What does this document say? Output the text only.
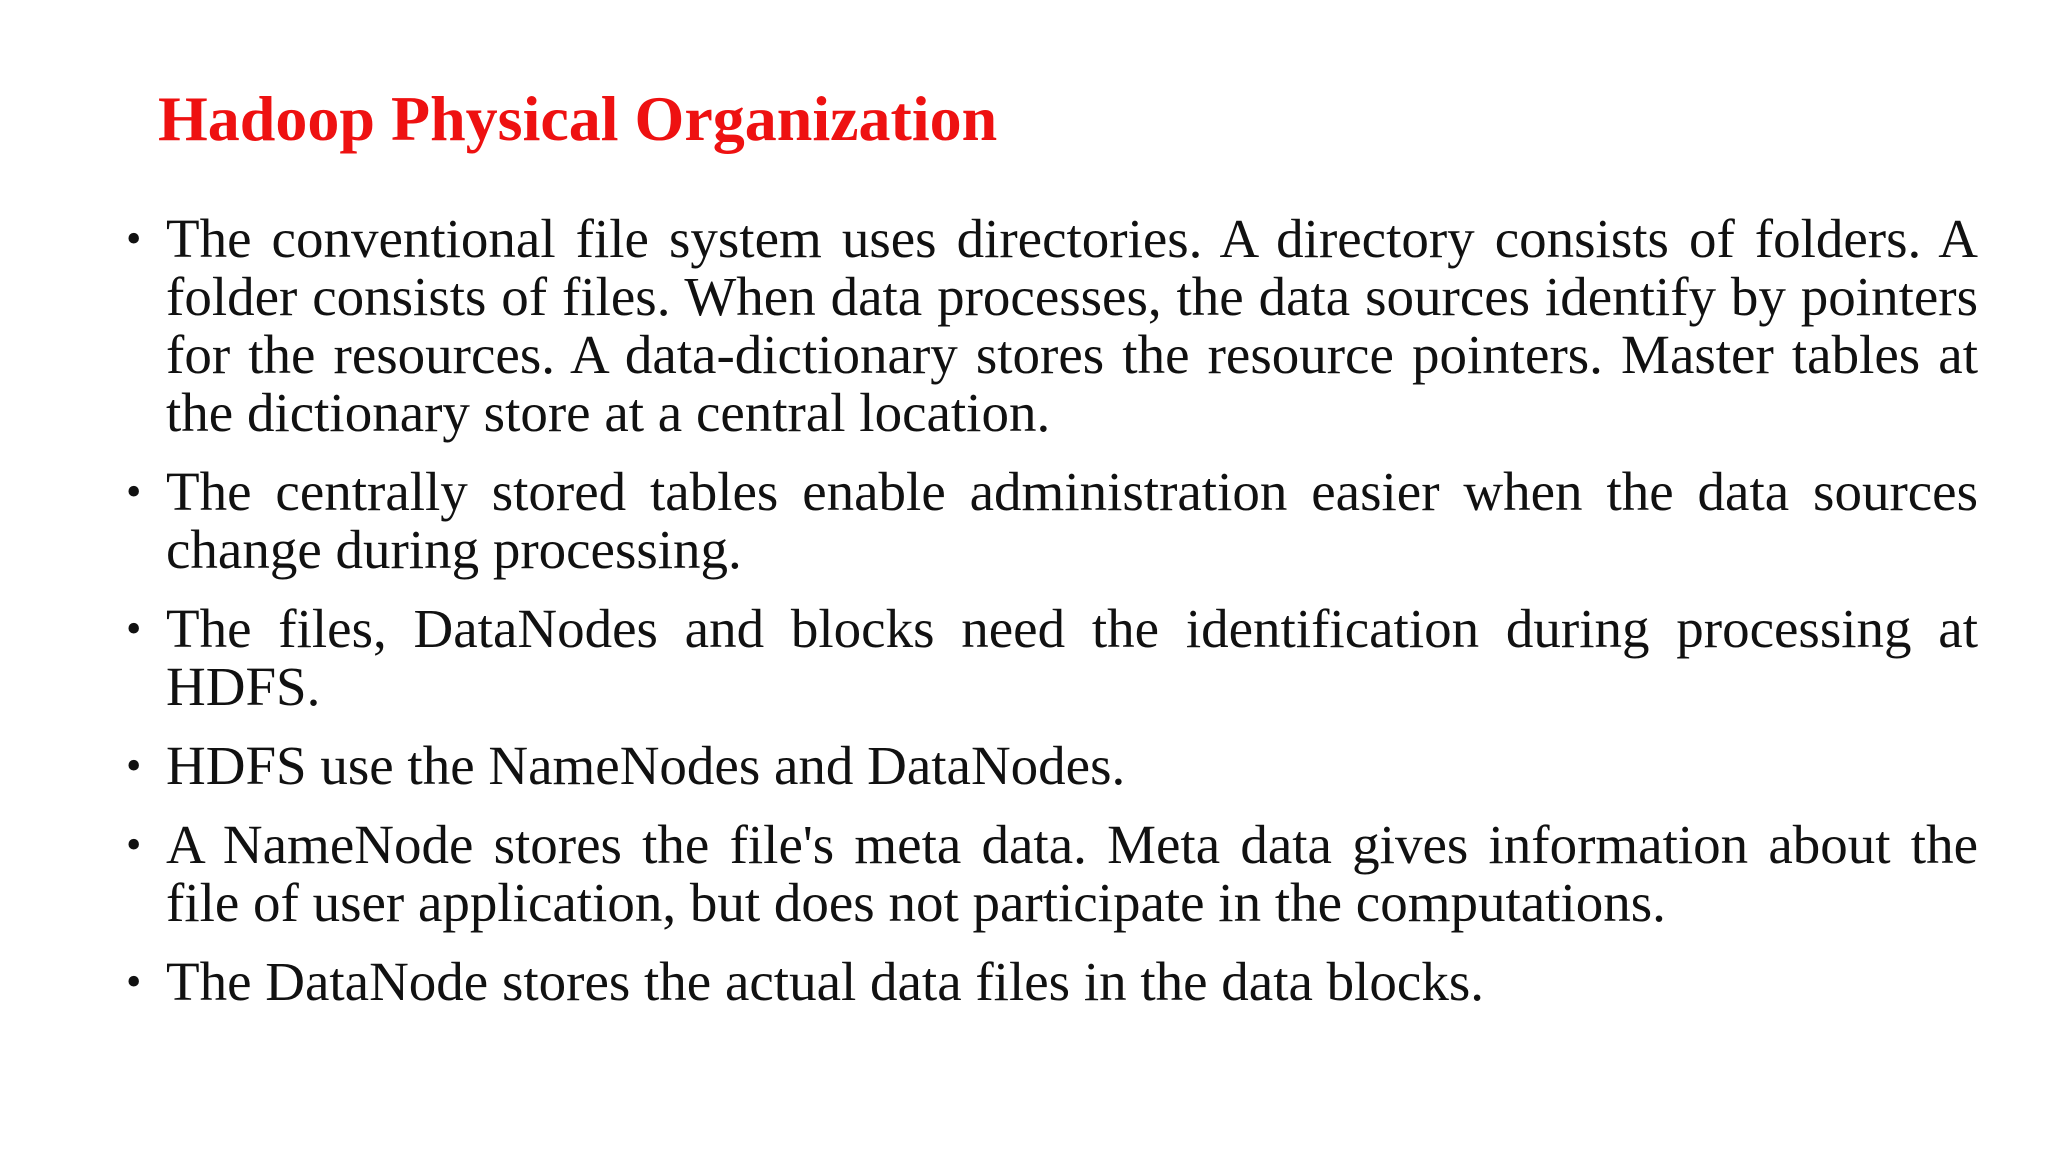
Hadoop Physical Organization
• The conventional file system uses directories. A directory consists of folders. A folder consists of files. When data processes, the data sources identify by pointers for the resources. A data-dictionary stores the resource pointers. Master tables at the dictionary store at a central location.
• The centrally stored tables enable administration easier when the data sources change during processing.
• The files, DataNodes and blocks need the identification during processing at HDFS.
• HDFS use the NameNodes and DataNodes.
• A NameNode stores the file's meta data. Meta data gives information about the file of user application, but does not participate in the computations.
• The DataNode stores the actual data files in the data blocks.
